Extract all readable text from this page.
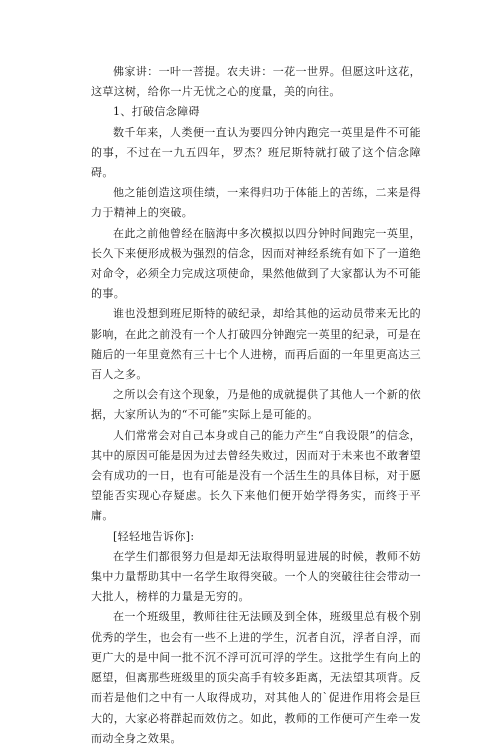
佛家讲：一叶一菩提。农夫讲：一花一世界。但愿这叶这花，这草这树，给你一片无忧之心的度量，美的向往。

1、打破信念障碍

数千年来，人类便一直认为要四分钟内跑完一英里是件不可能的事，不过在一九五四年，罗杰？班尼斯特就打破了这个信念障碍。

他之能创造这项佳绩，一来得归功于体能上的苦练，二来是得力于精神上的突破。

在此之前他曾经在脑海中多次模拟以四分钟时间跑完一英里，长久下来便形成极为强烈的信念，因而对神经系统有如下了一道绝对命令，必须全力完成这项使命，果然他做到了大家都认为不可能的事。

谁也没想到班尼斯特的破纪录，却给其他的运动员带来无比的影响，在此之前没有一个人打破四分钟跑完一英里的纪录，可是在随后的一年里竟然有三十七个人进榜，而再后面的一年里更高达三百人之多。

之所以会有这个现象，乃是他的成就提供了其他人一个新的依据，大家所认为的“不可能”实际上是可能的。

人们常常会对自己本身或自己的能力产生“自我设限”的信念，其中的原因可能是因为过去曾经失败过，因而对于未来也不敢奢望会有成功的一日，也有可能是没有一个活生生的具体目标，对于愿望能否实现心存疑虑。长久下来他们便开始学得务实，而终于平庸。

[轻轻地告诉你]:

在学生们都很努力但是却无法取得明显进展的时候，教师不妨集中力量帮助其中一名学生取得突破。一个人的突破往往会带动一大批人，榜样的力量是无穷的。

在一个班级里，教师往往无法顾及到全体，班级里总有极个别优秀的学生，也会有一些不上进的学生，沉者自沉，浮者自浮，而更广大的是中间一批不沉不浮可沉可浮的学生。这批学生有向上的愿望，但离那些班级里的顶尖高手有较多距离，无法望其项背。反而若是他们之中有一人取得成功，对其他人的`促进作用将会是巨大的，大家必将群起而效仿之。如此，教师的工作便可产生牵一发而动全身之效果。
